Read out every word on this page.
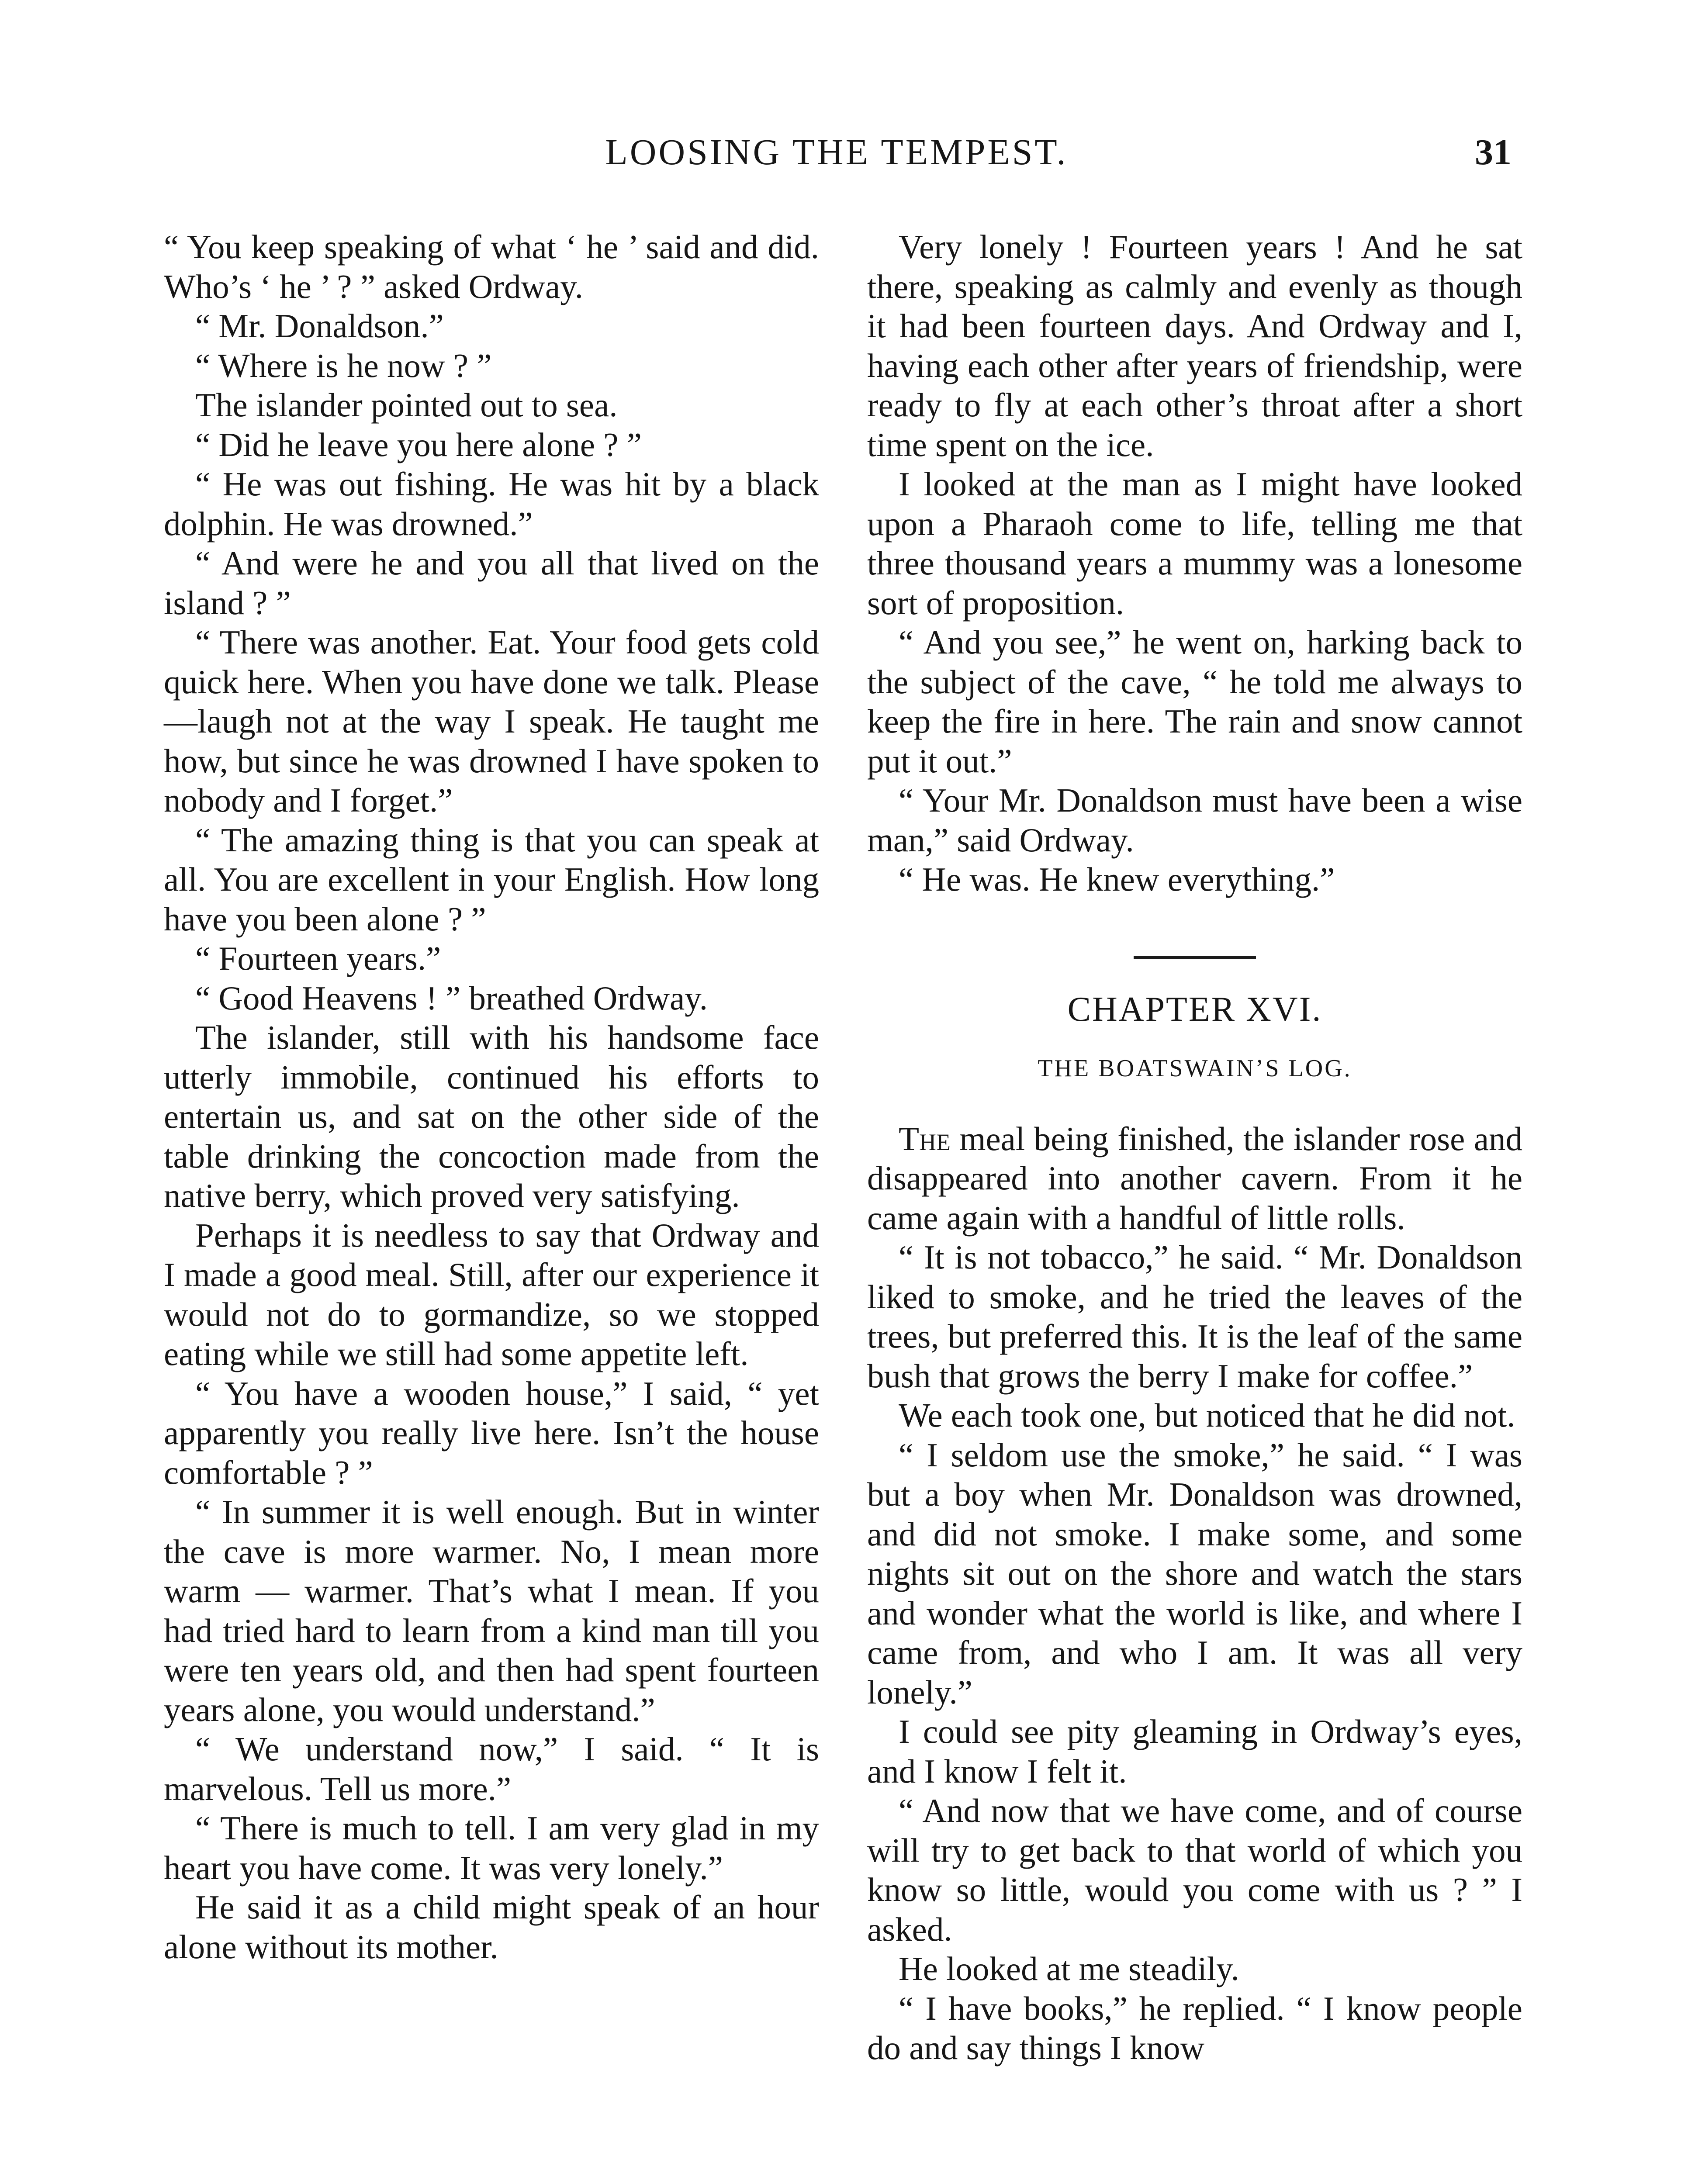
LOOSING THE TEMPEST.	31

“ You keep speaking of what ‘ he ’ said and did. Who’s ‘ he ’ ? ” asked Ordway.

“ Mr. Donaldson.”

“ Where is he now ? ”

The islander pointed out to sea.

“ Did he leave you here alone ? ”

“ He was out fishing. He was hit by a black dolphin. He was drowned.”

“ And were he and you all that lived on the island ? ”

“ There was another. Eat. Your food gets cold quick here. When you have done we talk. Please—laugh not at the way I speak. He taught me how, but since he was drowned I have spoken to nobody and I forget.”

“ The amazing thing is that you can speak at all. You are excellent in your English. How long have you been alone ? ”

“ Fourteen years.”

“ Good Heavens ! ” breathed Ordway.

The islander, still with his handsome face utterly immobile, continued his efforts to entertain us, and sat on the other side of the table drinking the concoction made from the native berry, which proved very satisfying.

Perhaps it is needless to say that Ordway and I made a good meal. Still, after our experience it would not do to gormandize, so we stopped eating while we still had some appetite left.

“ You have a wooden house,” I said, “ yet apparently you really live here. Isn’t the house comfortable ? ”

“ In summer it is well enough. But in winter the cave is more warmer. No, I mean more warm — warmer. That’s what I mean. If you had tried hard to learn from a kind man till you were ten years old, and then had spent fourteen years alone, you would understand.”

“ We understand now,” I said. “ It is marvelous. Tell us more.”

“ There is much to tell. I am very glad in my heart you have come. It was very lonely.”

He said it as a child might speak of an hour alone without its mother.

Very lonely ! Fourteen years ! And he sat there, speaking as calmly and evenly as though it had been fourteen days. And Ordway and I, having each other after years of friendship, were ready to fly at each other’s throat after a short time spent on the ice.

I looked at the man as I might have looked upon a Pharaoh come to life, telling me that three thousand years a mummy was a lonesome sort of proposition.

“ And you see,” he went on, harking back to the subject of the cave, “ he told me always to keep the fire in here. The rain and snow cannot put it out.”

“ Your Mr. Donaldson must have been a wise man,” said Ordway.

“ He was. He knew everything.”

CHAPTER XVI.
THE BOATSWAIN’S LOG.

The meal being finished, the islander rose and disappeared into another cavern. From it he came again with a handful of little rolls.

“ It is not tobacco,” he said. “ Mr. Donaldson liked to smoke, and he tried the leaves of the trees, but preferred this. It is the leaf of the same bush that grows the berry I make for coffee.”

We each took one, but noticed that he did not.

“ I seldom use the smoke,” he said. “ I was but a boy when Mr. Donaldson was drowned, and did not smoke. I make some, and some nights sit out on the shore and watch the stars and wonder what the world is like, and where I came from, and who I am. It was all very lonely.”

I could see pity gleaming in Ordway’s eyes, and I know I felt it.

“ And now that we have come, and of course will try to get back to that world of which you know so little, would you come with us ? ” I asked.

He looked at me steadily.

“ I have books,” he replied. “ I know people do and say things I know
